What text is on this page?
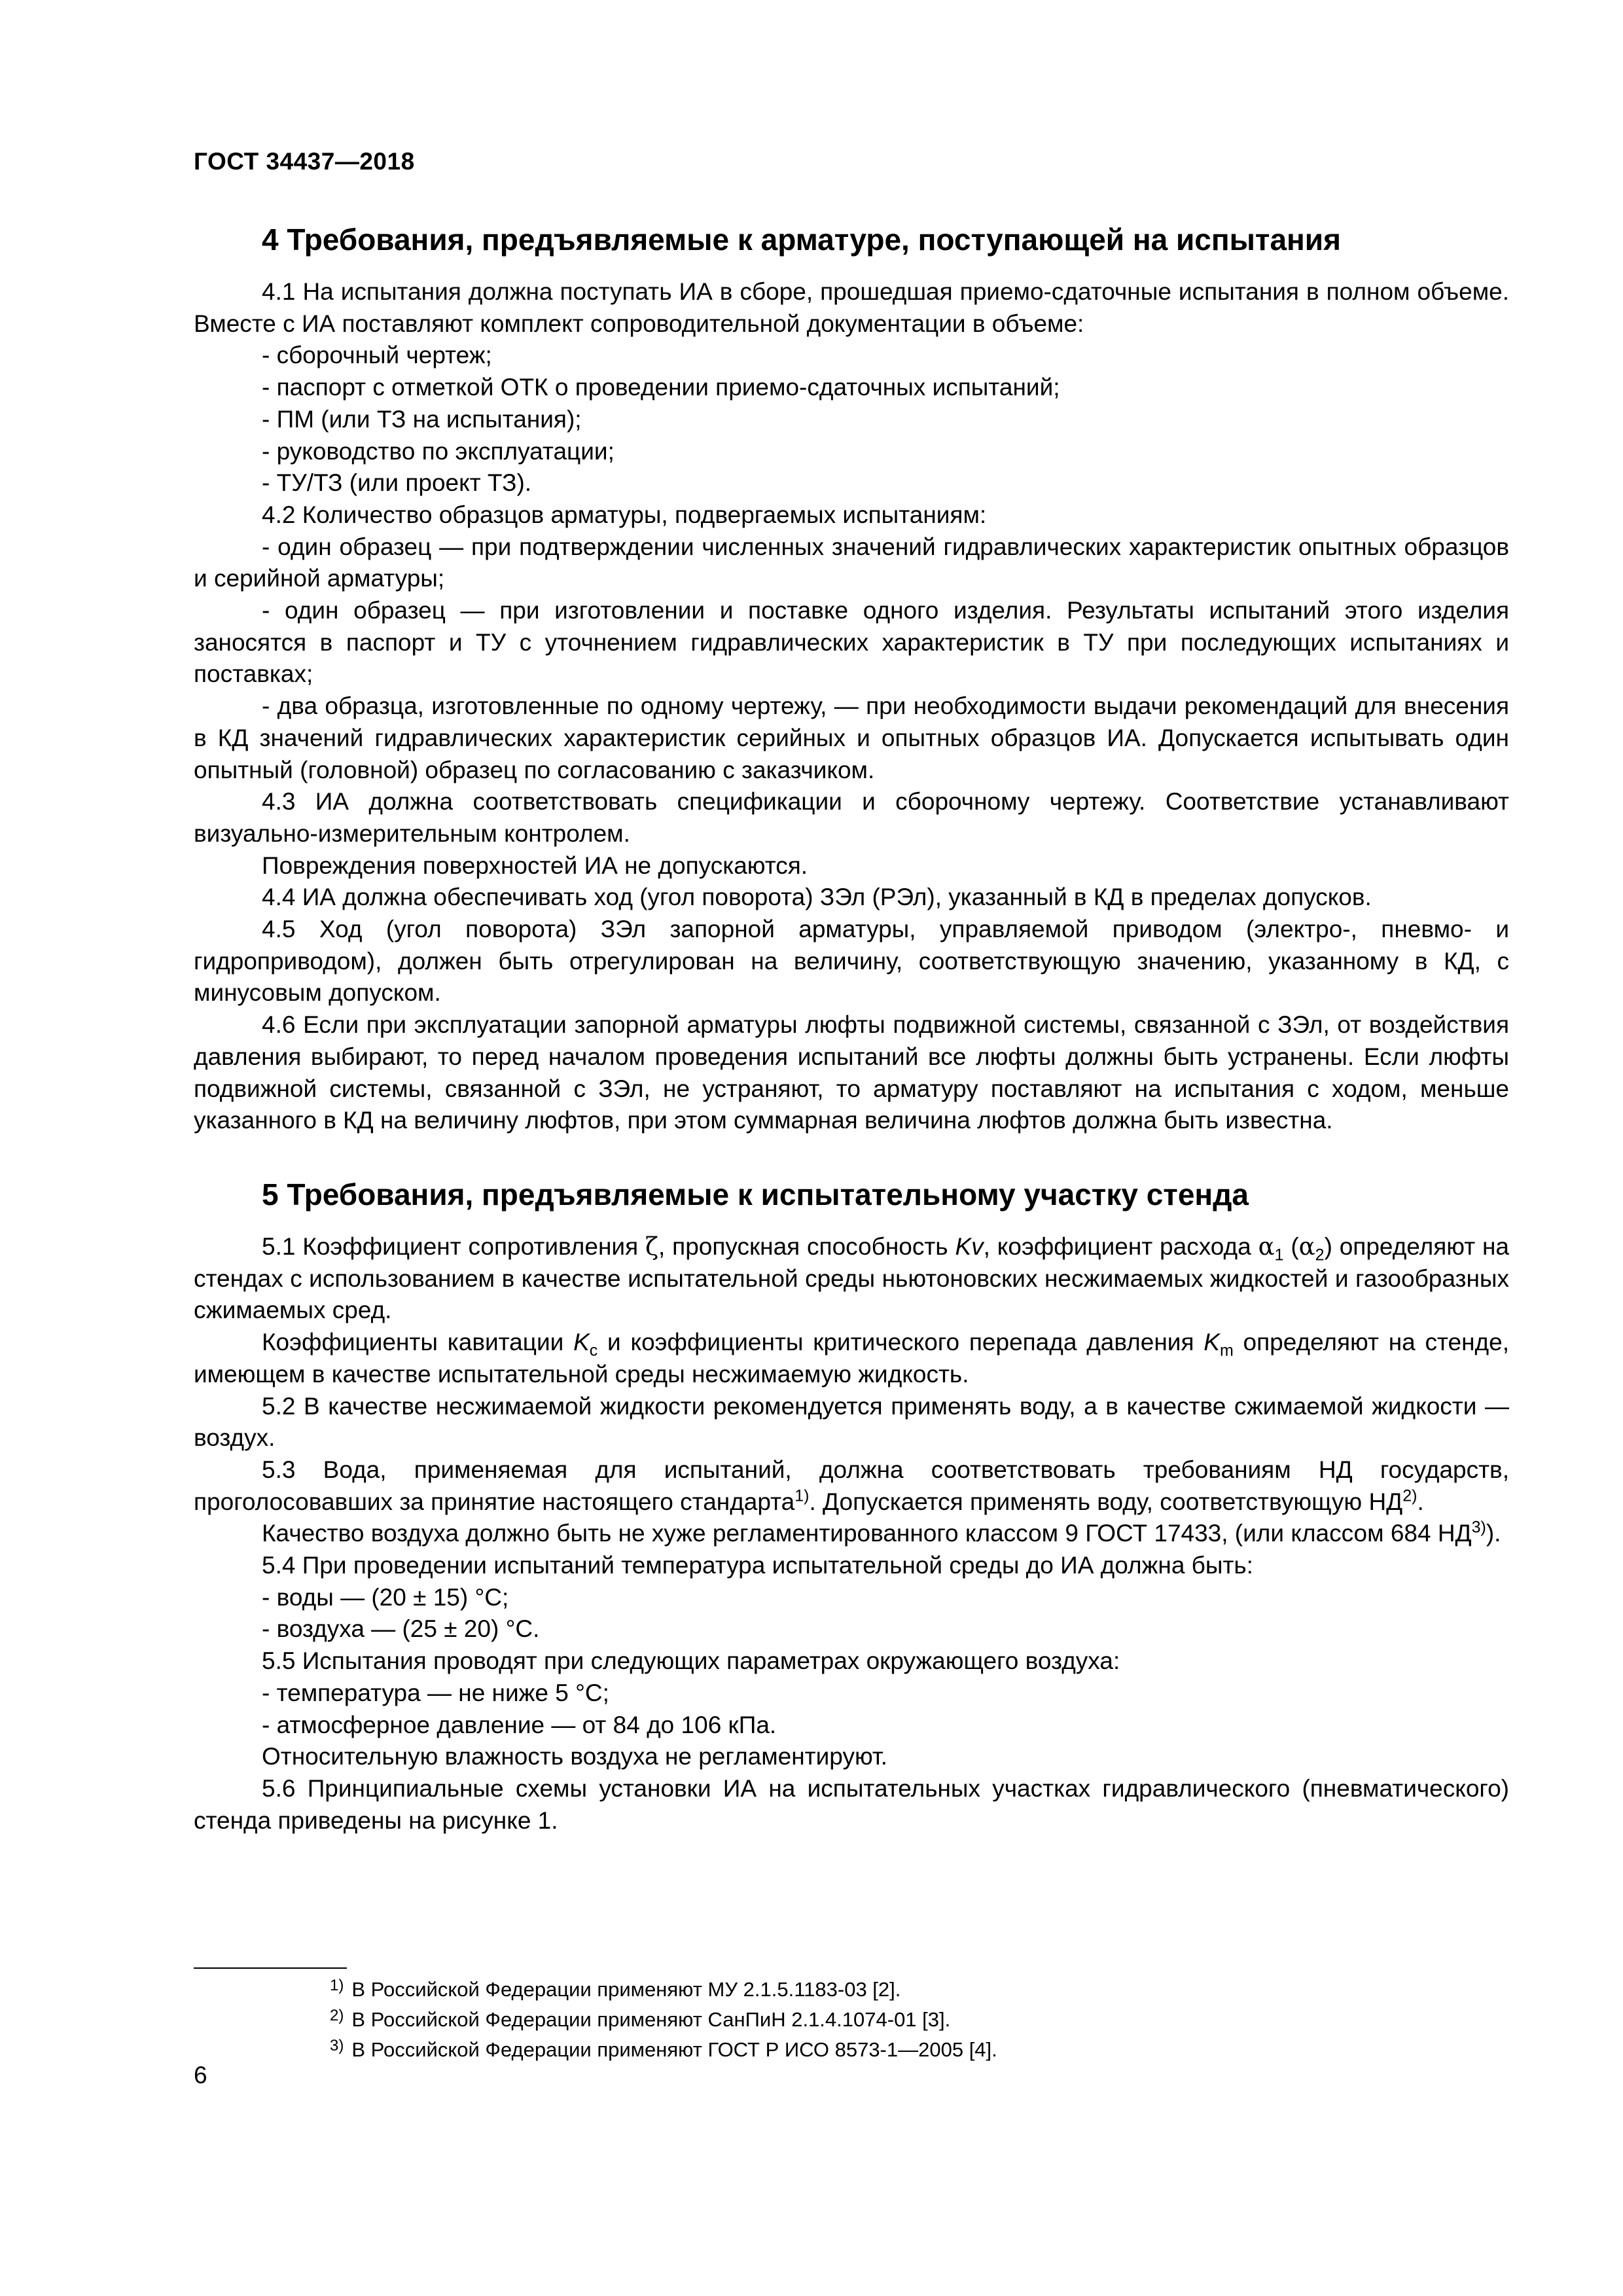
ГОСТ 34437—2018
4 Требования, предъявляемые к арматуре, поступающей на испытания

4.1 На испытания должна поступать ИА в сборе, прошедшая приемо-сдаточные испытания в полном объеме. Вместе с ИА поставляют комплект сопроводительной документации в объеме:

- сборочный чертеж;

- паспорт с отметкой ОТК о проведении приемо-сдаточных испытаний;

- ПМ (или ТЗ на испытания);

- руководство по эксплуатации;

- ТУ/ТЗ (или проект ТЗ).

4.2 Количество образцов арматуры, подвергаемых испытаниям:

- один образец — при подтверждении численных значений гидравлических характеристик опытных образцов и серийной арматуры;

- один образец — при изготовлении и поставке одного изделия. Результаты испытаний этого изделия заносятся в паспорт и ТУ с уточнением гидравлических характеристик в ТУ при последующих испытаниях и поставках;

- два образца, изготовленные по одному чертежу, — при необходимости выдачи рекомендаций для внесения в КД значений гидравлических характеристик серийных и опытных образцов ИА. Допускается испытывать один опытный (головной) образец по согласованию с заказчиком.

4.3 ИА должна соответствовать спецификации и сборочному чертежу. Соответствие устанавливают визуально-измерительным контролем.

Повреждения поверхностей ИА не допускаются.

4.4 ИА должна обеспечивать ход (угол поворота) ЗЭл (РЭл), указанный в КД в пределах допусков.

4.5 Ход (угол поворота) ЗЭл запорной арматуры, управляемой приводом (электро-, пневмо- и гидроприводом), должен быть отрегулирован на величину, соответствующую значению, указанному в КД, с минусовым допуском.

4.6 Если при эксплуатации запорной арматуры люфты подвижной системы, связанной с ЗЭл, от воздействия давления выбирают, то перед началом проведения испытаний все люфты должны быть устранены. Если люфты подвижной системы, связанной с ЗЭл, не устраняют, то арматуру поставляют на испытания с ходом, меньше указанного в КД на величину люфтов, при этом суммарная величина люфтов должна быть известна.

5 Требования, предъявляемые к испытательному участку стенда

5.1 Коэффициент сопротивления ζ, пропускная способность Kv, коэффициент расхода $\alpha_1$ $(\alpha_2)$ определяют на стендах с использованием в качестве испытательной среды ньютоновских несжимаемых жидкостей и газообразных сжимаемых сред.

Коэффициенты кавитации $K_c$ и коэффициенты критического перепада давления $K_m$ определяют на стенде, имеющем в качестве испытательной среды несжимаемую жидкость.

5.2 В качестве несжимаемой жидкости рекомендуется применять воду, а в качестве сжимаемой жидкости — воздух.

5.3 Вода, применяемая для испытаний, должна соответствовать требованиям НД государств, проголосовавших за принятие настоящего стандарта$^{1)}$. Допускается применять воду, соответствующую НД$^{2)}$.

Качество воздуха должно быть не хуже регламентированного классом 9 ГОСТ 17433, (или классом 684 НД$^{3)}$).

5.4 При проведении испытаний температура испытательной среды до ИА должна быть:

- воды — (20 ± 15) °С;

- воздуха — (25 ± 20) °С.

5.5 Испытания проводят при следующих параметрах окружающего воздуха:

- температура — не ниже 5 °С;

- атмосферное давление — от 84 до 106 кПа.

Относительную влажность воздуха не регламентируют.

5.6 Принципиальные схемы установки ИА на испытательных участках гидравлического (пневматического) стенда приведены на рисунке 1.

$^{1)}$ В Российской Федерации применяют МУ 2.1.5.1183-03 [2].

$^{2)}$ В Российской Федерации применяют СанПиН 2.1.4.1074-01 [3].

$^{3)}$ В Российской Федерации применяют ГОСТ Р ИСО 8573-1—2005 [4].

6
